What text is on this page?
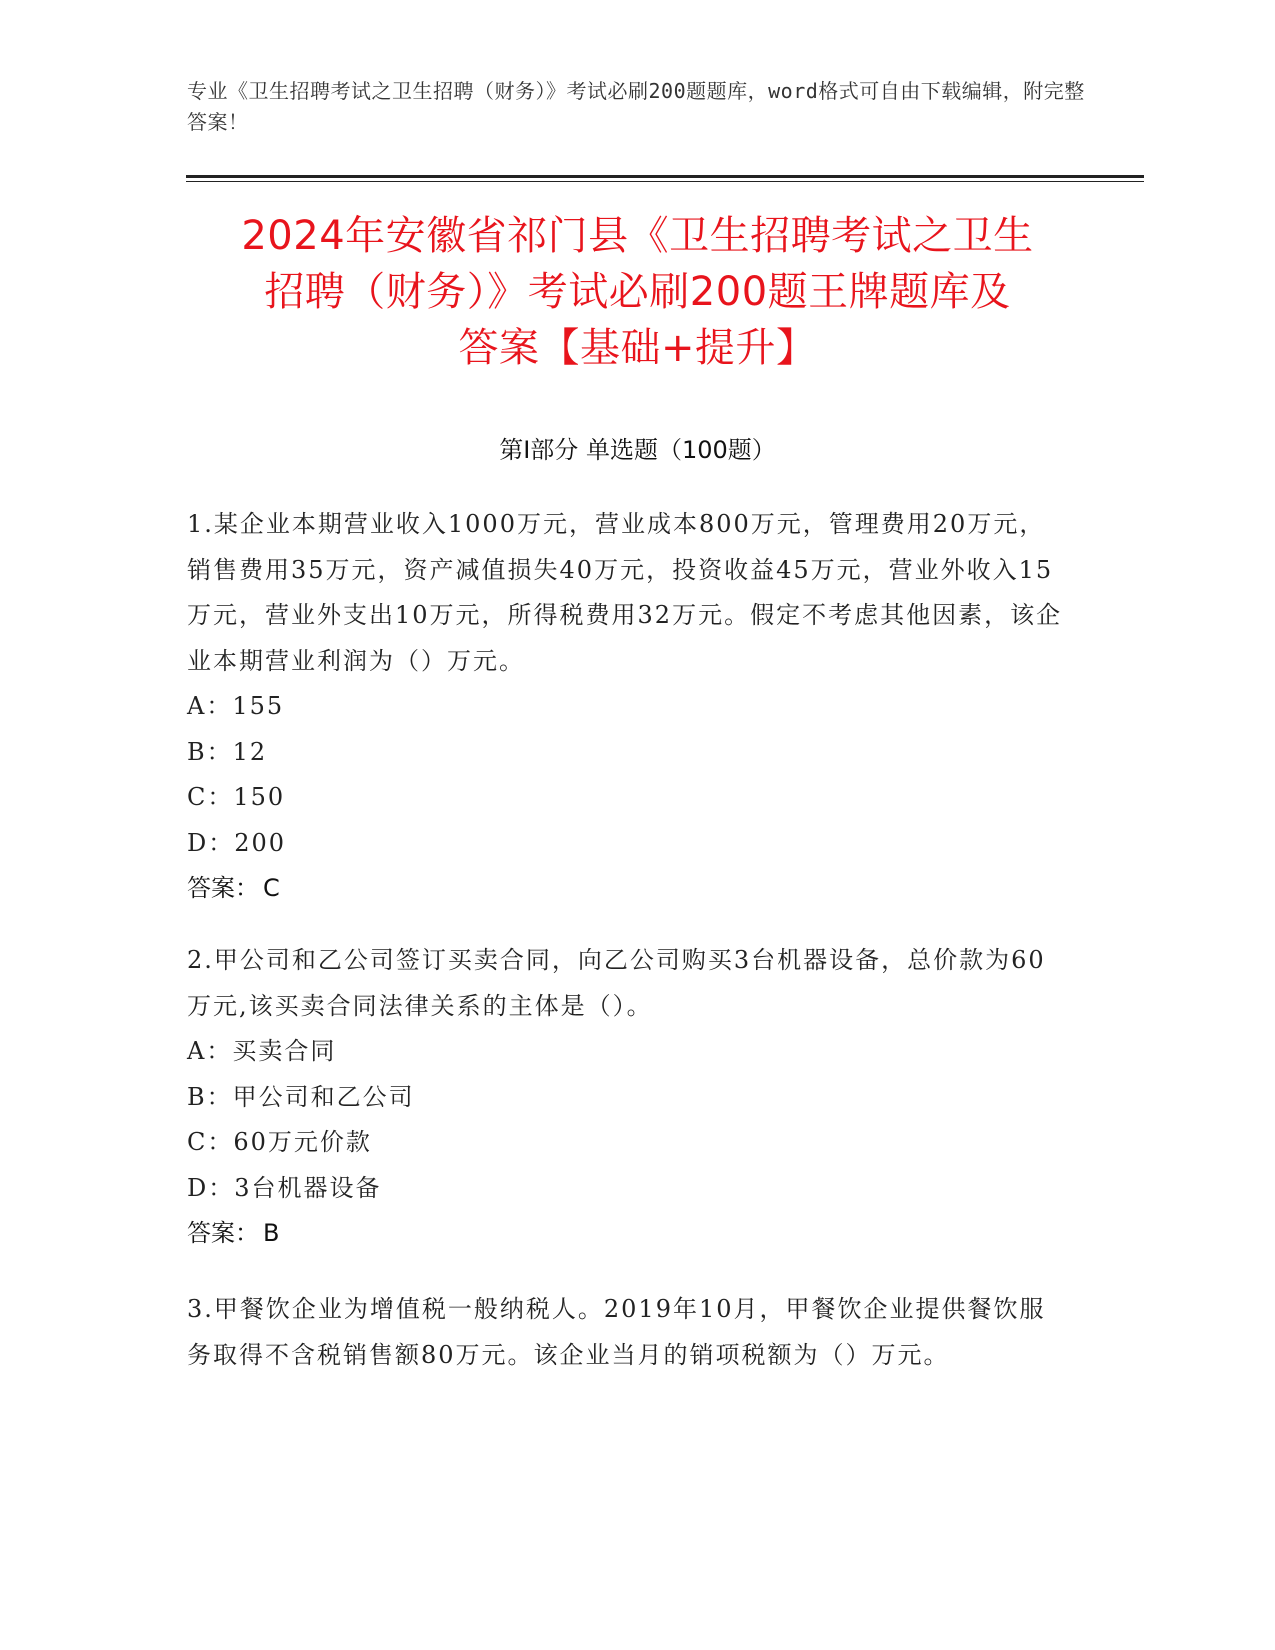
专业《卫生招聘考试之卫生招聘（财务）》考试必刷200题题库，word格式可自由下载编辑，附完整答案！

2024年安徽省祁门县《卫生招聘考试之卫生
招聘（财务）》考试必刷200题王牌题库及
答案【基础+提升】
第I部分 单选题（100题）

1.某企业本期营业收入1000万元，营业成本800万元，管理费用20万元，销售费用35万元，资产减值损失40万元，投资收益45万元，营业外收入15万元，营业外支出10万元，所得税费用32万元。假定不考虑其他因素，该企业本期营业利润为（）万元。

A：155

B：12

C：150

D：200

答案： C

2.甲公司和乙公司签订买卖合同，向乙公司购买3台机器设备，总价款为60万元,该买卖合同法律关系的主体是（）。

A：买卖合同

B：甲公司和乙公司

C：60万元价款

D：3台机器设备

答案： B

3.甲餐饮企业为增值税一般纳税人。2019年10月，甲餐饮企业提供餐饮服务取得不含税销售额80万元。该企业当月的销项税额为（）万元。
